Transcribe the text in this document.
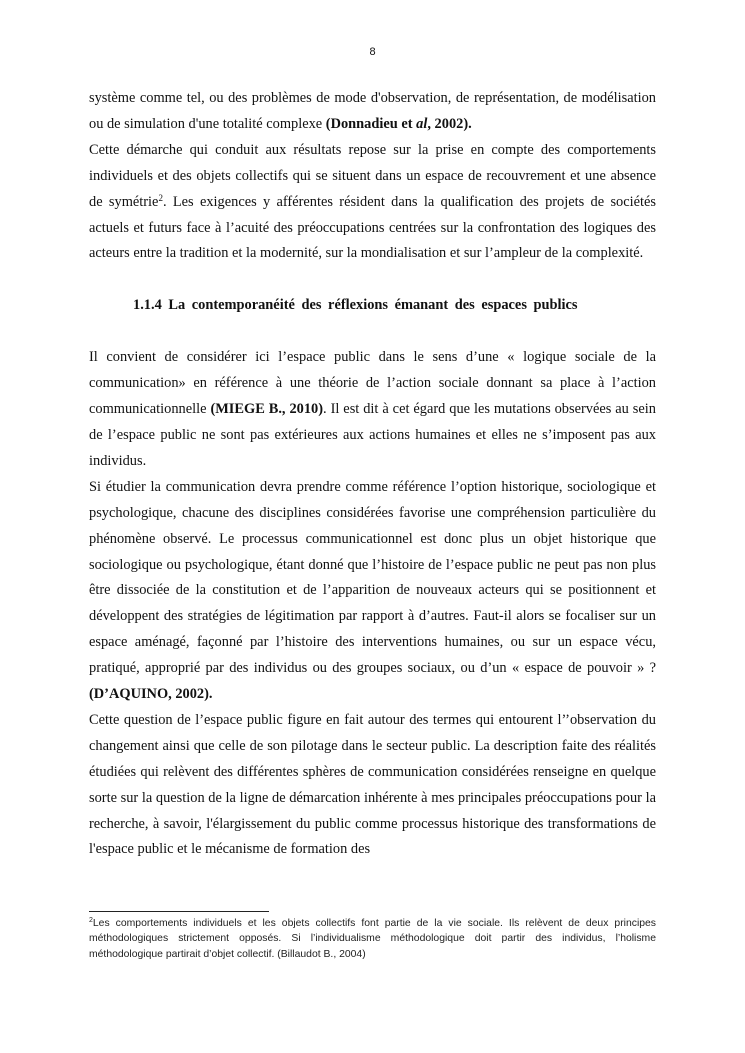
8

système comme tel, ou des problèmes de mode d'observation, de représentation, de modélisation ou de simulation d'une totalité complexe (Donnadieu et al, 2002).

Cette démarche qui conduit aux résultats repose sur la prise en compte des comportements individuels et des objets collectifs qui se situent dans un espace de recouvrement et une absence de symétrie$^2$. Les exigences y afférentes résident dans la qualification des projets de sociétés actuels et futurs face à l’acuité des préoccupations centrées sur la confrontation des logiques des acteurs entre la tradition et la modernité, sur la mondialisation et sur l’ampleur de la complexité.

1.1.4 La contemporanéité des réflexions émanant des espaces publics

Il convient de considérer ici l’espace public dans le sens d’une « logique sociale de la communication» en référence à une théorie de l’action sociale donnant sa place à l’action communicationnelle (MIEGE B., 2010). Il est dit à cet égard que les mutations observées au sein de l’espace public ne sont pas extérieures aux actions humaines et elles ne s’imposent pas aux individus.

Si étudier la communication devra prendre comme référence l’option historique, sociologique et psychologique, chacune des disciplines considérées favorise une compréhension particulière du phénomène observé. Le processus communicationnel est donc plus un objet historique que sociologique ou psychologique, étant donné que l’histoire de l’espace public ne peut pas non plus être dissociée de la constitution et de l’apparition de nouveaux acteurs qui se positionnent et développent des stratégies de légitimation par rapport à d’autres. Faut-il alors se focaliser sur un espace aménagé, façonné par l’histoire des interventions humaines, ou sur un espace vécu, pratiqué, approprié par des individus ou des groupes sociaux, ou d’un « espace de pouvoir » ? (D’AQUINO, 2002).

Cette question de l’espace public figure en fait autour des termes qui entourent l’’observation du changement ainsi que celle de son pilotage dans le secteur public. La description faite des réalités étudiées qui relèvent des différentes sphères de communication considérées renseigne en quelque sorte sur la question de la ligne de démarcation inhérente à mes principales préoccupations pour la recherche, à savoir, l'élargissement du public comme processus historique des transformations de l'espace public et le mécanisme de formation des

$^2$Les comportements individuels et les objets collectifs font partie de la vie sociale. Ils relèvent de deux principes méthodologiques strictement opposés. Si l’individualisme méthodologique doit partir des individus, l’holisme méthodologique partirait d’objet collectif. (Billaudot B., 2004)
